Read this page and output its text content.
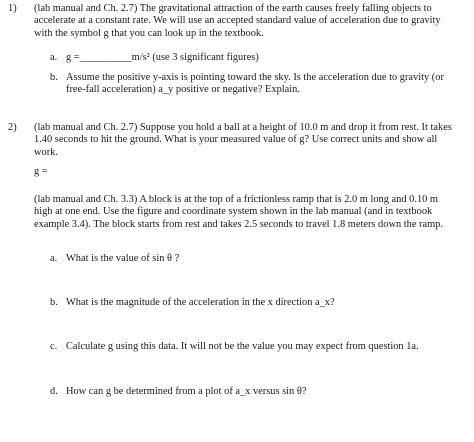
1) (lab manual and Ch. 2.7) The gravitational attraction of the earth causes freely falling objects to accelerate at a constant rate. We will use an accepted standard value of acceleration due to gravity with the symbol g that you can look up in the textbook.

a. g =__________m/s² (use 3 significant figures)

b. Assume the positive y-axis is pointing toward the sky. Is the acceleration due to gravity (or free-fall acceleration) a_y positive or negative? Explain.

2) (lab manual and Ch. 2.7) Suppose you hold a ball at a height of 10.0 m and drop it from rest. It takes 1.40 seconds to hit the ground. What is your measured value of g? Use correct units and show all work.

g =

(lab manual and Ch. 3.3) A block is at the top of a frictionless ramp that is 2.0 m long and 0.10 m high at one end. Use the figure and coordinate system shown in the lab manual (and in textbook example 3.4). The block starts from rest and takes 2.5 seconds to travel 1.8 meters down the ramp.

a. What is the value of sin θ ?

b. What is the magnitude of the acceleration in the x direction a_x?

c. Calculate g using this data. It will not be the value you may expect from question 1a.

d. How can g be determined from a plot of a_x versus sin θ?
